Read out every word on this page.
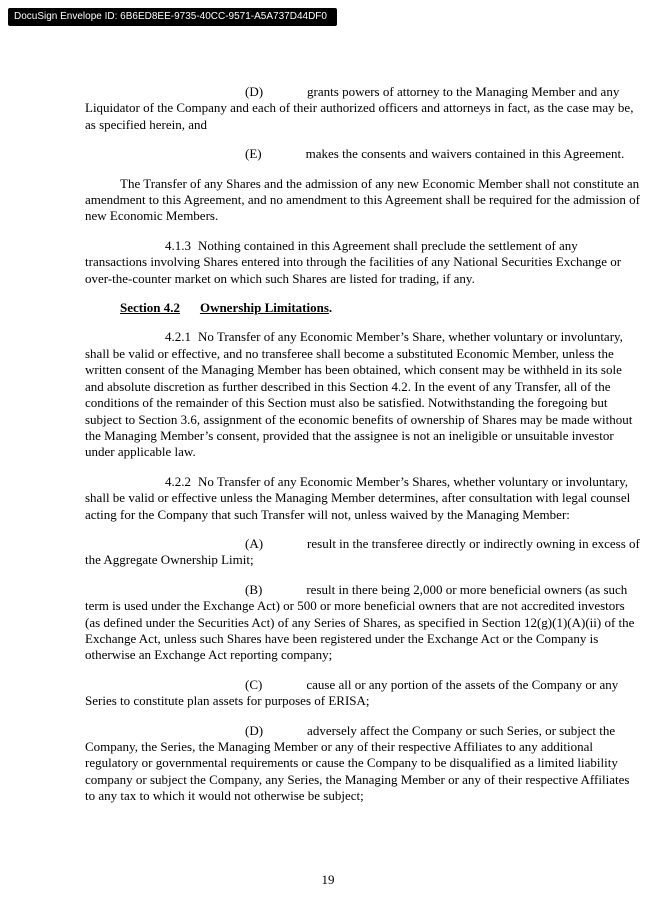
DocuSign Envelope ID: 6B6ED8EE-9735-40CC-9571-A5A737D44DF0

(D)	grants powers of attorney to the Managing Member and any Liquidator of the Company and each of their authorized officers and attorneys in fact, as the case may be, as specified herein, and

(E)	makes the consents and waivers contained in this Agreement.

The Transfer of any Shares and the admission of any new Economic Member shall not constitute an amendment to this Agreement, and no amendment to this Agreement shall be required for the admission of new Economic Members.

4.1.3 Nothing contained in this Agreement shall preclude the settlement of any transactions involving Shares entered into through the facilities of any National Securities Exchange or over-the-counter market on which such Shares are listed for trading, if any.

Section 4.2 Ownership Limitations.

4.2.1 No Transfer of any Economic Member’s Share, whether voluntary or involuntary, shall be valid or effective, and no transferee shall become a substituted Economic Member, unless the written consent of the Managing Member has been obtained, which consent may be withheld in its sole and absolute discretion as further described in this Section 4.2. In the event of any Transfer, all of the conditions of the remainder of this Section must also be satisfied. Notwithstanding the foregoing but subject to Section 3.6, assignment of the economic benefits of ownership of Shares may be made without the Managing Member’s consent, provided that the assignee is not an ineligible or unsuitable investor under applicable law.

4.2.2 No Transfer of any Economic Member’s Shares, whether voluntary or involuntary, shall be valid or effective unless the Managing Member determines, after consultation with legal counsel acting for the Company that such Transfer will not, unless waived by the Managing Member:

(A)	result in the transferee directly or indirectly owning in excess of the Aggregate Ownership Limit;

(B)	result in there being 2,000 or more beneficial owners (as such term is used under the Exchange Act) or 500 or more beneficial owners that are not accredited investors (as defined under the Securities Act) of any Series of Shares, as specified in Section 12(g)(1)(A)(ii) of the Exchange Act, unless such Shares have been registered under the Exchange Act or the Company is otherwise an Exchange Act reporting company;

(C)	cause all or any portion of the assets of the Company or any Series to constitute plan assets for purposes of ERISA;

(D)	adversely affect the Company or such Series, or subject the Company, the Series, the Managing Member or any of their respective Affiliates to any additional regulatory or governmental requirements or cause the Company to be disqualified as a limited liability company or subject the Company, any Series, the Managing Member or any of their respective Affiliates to any tax to which it would not otherwise be subject;

19
